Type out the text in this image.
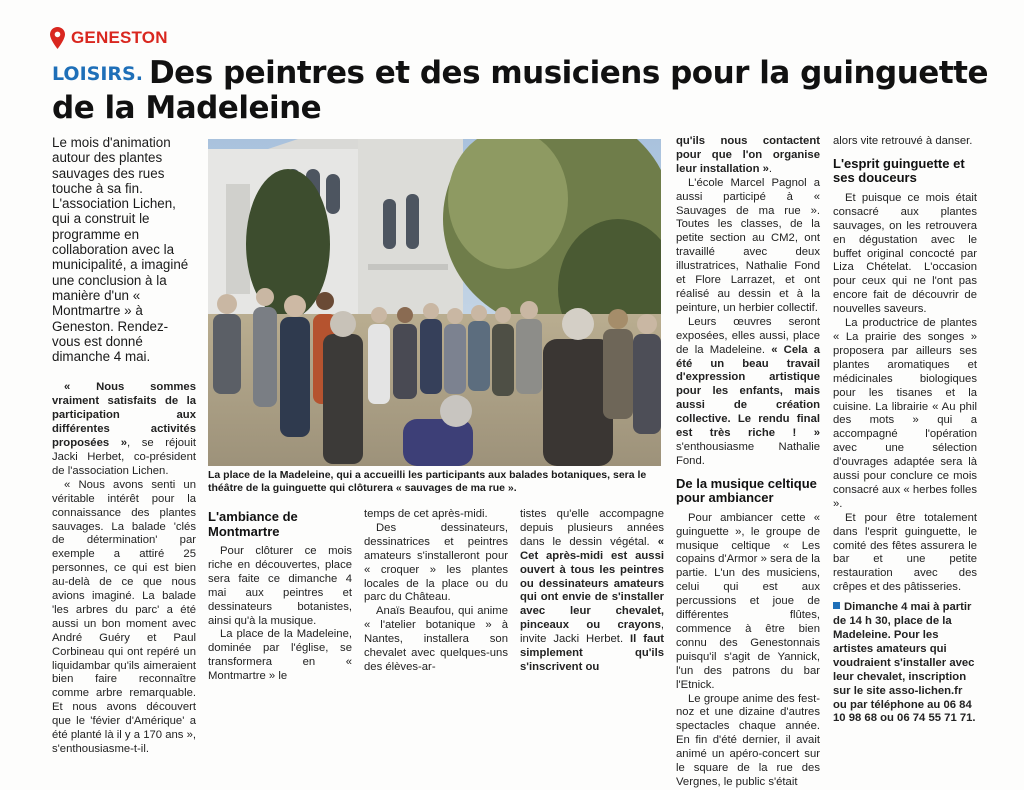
GENESTON
LOISIRS. Des peintres et des musiciens pour la guinguette de la Madeleine

Le mois d'animation autour des plantes sauvages des rues touche à sa fin. L'association Lichen, qui a construit le programme en collaboration avec la municipalité, a imaginé une conclusion à la manière d'un « Montmartre » à Geneston. Rendez-vous est donné dimanche 4 mai.

« Nous sommes vraiment satisfaits de la participation aux différentes activités proposées », se réjouit Jacki Herbet, co-président de l'association Lichen.

« Nous avons senti un véritable intérêt pour la connaissance des plantes sauvages. La balade 'clés de détermination' par exemple a attiré 25 personnes, ce qui est bien au-delà de ce que nous avions imaginé. La balade 'les arbres du parc' a été aussi un bon moment avec André Guéry et Paul Corbineau qui ont repéré un liquidambar qu'ils aimeraient bien faire reconnaître comme arbre remarquable. Et nous avons découvert que le 'févier d'Amérique' a été planté là il y a 170 ans », s'enthousiasme-t-il.

La place de la Madeleine, qui a accueilli les participants aux balades botaniques, sera le théâtre de la guinguette qui clôturera « sauvages de ma rue ».
L'ambiance de Montmartre

Pour clôturer ce mois riche en découvertes, place sera faite ce dimanche 4 mai aux peintres et dessinateurs botanistes, ainsi qu'à la musique.

La place de la Madeleine, dominée par l'église, se transformera en « Montmartre » le

temps de cet après-midi.

Des dessinateurs, dessinatrices et peintres amateurs s'installeront pour « croquer » les plantes locales de la place ou du parc du Château.

Anaïs Beaufou, qui anime « l'atelier botanique » à Nantes, installera son chevalet avec quelques-uns des élèves-ar-

tistes qu'elle accompagne depuis plusieurs années dans le dessin végétal. « Cet après-midi est aussi ouvert à tous les peintres ou dessinateurs amateurs qui ont envie de s'installer avec leur chevalet, pinceaux ou crayons, invite Jacki Herbet. Il faut simplement qu'ils s'inscrivent ou

qu'ils nous contactent pour que l'on organise leur installation ».

L'école Marcel Pagnol a aussi participé à « Sauvages de ma rue ». Toutes les classes, de la petite section au CM2, ont travaillé avec deux illustratrices, Nathalie Fond et Flore Larrazet, et ont réalisé au dessin et à la peinture, un herbier collectif.

Leurs œuvres seront exposées, elles aussi, place de la Madeleine. « Cela a été un beau travail d'expression artistique pour les enfants, mais aussi de création collective. Le rendu final est très riche ! » s'enthousiasme Nathalie Fond.

De la musique celtique pour ambiancer

Pour ambiancer cette « guinguette », le groupe de musique celtique « Les copains d'Armor » sera de la partie. L'un des musiciens, celui qui est aux percussions et joue de différentes flûtes, commence à être bien connu des Genestonnais puisqu'il s'agit de Yannick, l'un des patrons du bar l'Etnick.

Le groupe anime des fest-noz et une dizaine d'autres spectacles chaque année. En fin d'été dernier, il avait animé un apéro-concert sur le square de la rue des Vergnes, le public s'était

alors vite retrouvé à danser.

L'esprit guinguette et ses douceurs

Et puisque ce mois était consacré aux plantes sauvages, on les retrouvera en dégustation avec le buffet original concocté par Liza Chételat. L'occasion pour ceux qui ne l'ont pas encore fait de découvrir de nouvelles saveurs.

La productrice de plantes « La prairie des songes » proposera par ailleurs ses plantes aromatiques et médicinales biologiques pour les tisanes et la cuisine. La librairie « Au phil des mots » qui a accompagné l'opération avec une sélection d'ouvrages adaptée sera là aussi pour conclure ce mois consacré aux « herbes folles ».

Et pour être totalement dans l'esprit guinguette, le comité des fêtes assurera le bar et une petite restauration avec des crêpes et des pâtisseries.

Dimanche 4 mai à partir de 14 h 30, place de la Madeleine. Pour les artistes amateurs qui voudraient s'installer avec leur chevalet, inscription sur le site asso-lichen.fr ou par téléphone au 06 84 10 98 68 ou 06 74 55 71 71.
